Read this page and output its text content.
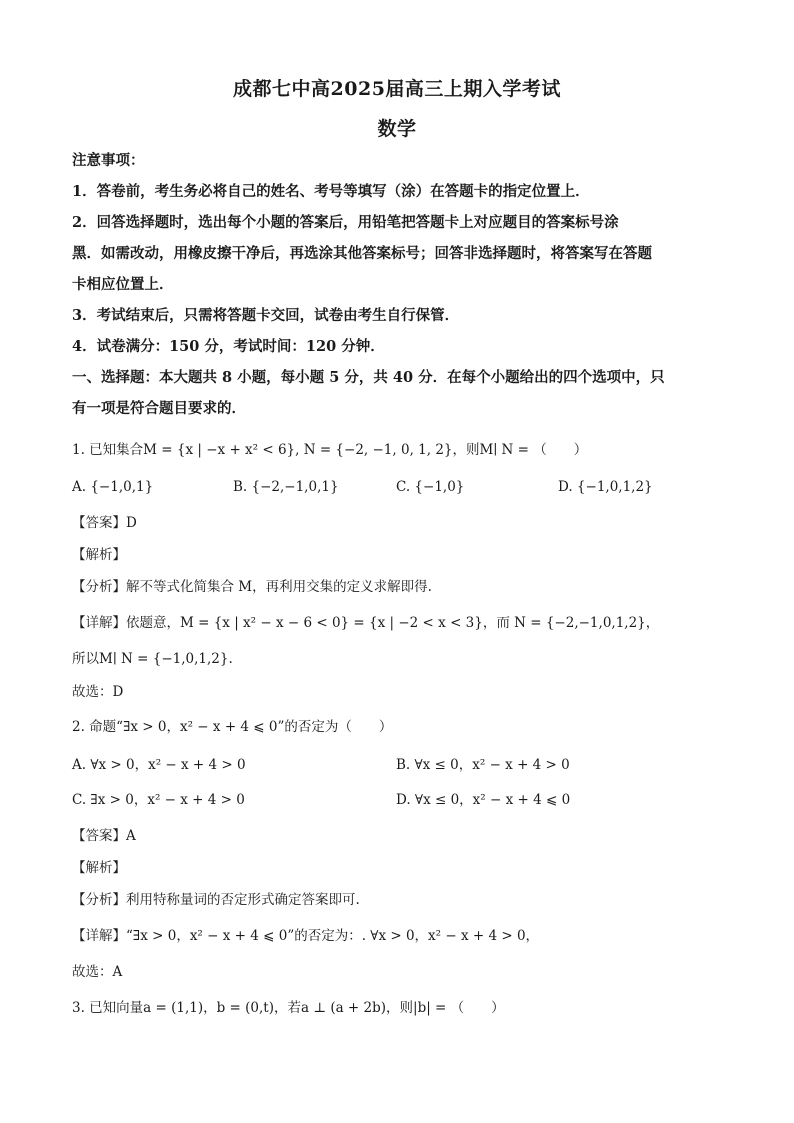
成都七中高2025届高三上期入学考试
数学
注意事项：
1．答卷前，考生务必将自己的姓名、考号等填写（涂）在答题卡的指定位置上．
2．回答选择题时，选出每个小题的答案后，用铅笔把答题卡上对应题目的答案标号涂
黑．如需改动，用橡皮擦干净后，再选涂其他答案标号；回答非选择题时，将答案写在答题
卡相应位置上．
3．考试结束后，只需将答题卡交回，试卷由考生自行保管．
4．试卷满分：150 分，考试时间：120 分钟．
一、选择题：本大题共 8 小题，每小题 5 分，共 40 分．在每个小题给出的四个选项中，只
有一项是符合题目要求的．
1. 已知集合M = {x | −x + x² < 6}, N = {−2, −1, 0, 1, 2}，则M∣ N = （　　）
A. {−1,0,1}	B. {−2,−1,0,1}	C. {−1,0}	D. {−1,0,1,2}
【答案】D
【解析】
【分析】解不等式化简集合 M，再利用交集的定义求解即得.
【详解】依题意，M = {x | x² − x − 6 < 0} = {x | −2 < x < 3}，而 N = {−2,−1,0,1,2}，
所以M∣ N = {−1,0,1,2}.
故选：D
2. 命题“∃x > 0，x² − x + 4 ⩽ 0”的否定为（　　）
A. ∀x > 0，x² − x + 4 > 0	B. ∀x ≤ 0，x² − x + 4 > 0
C. ∃x > 0，x² − x + 4 > 0	D. ∀x ≤ 0，x² − x + 4 ⩽ 0
【答案】A
【解析】
【分析】利用特称量词的否定形式确定答案即可.
【详解】“∃x > 0，x² − x + 4 ⩽ 0”的否定为：. ∀x > 0，x² − x + 4 > 0，
故选：A
3. 已知向量a = (1,1)，b = (0,t)，若a ⊥ (a + 2b)，则|b| = （　　）
